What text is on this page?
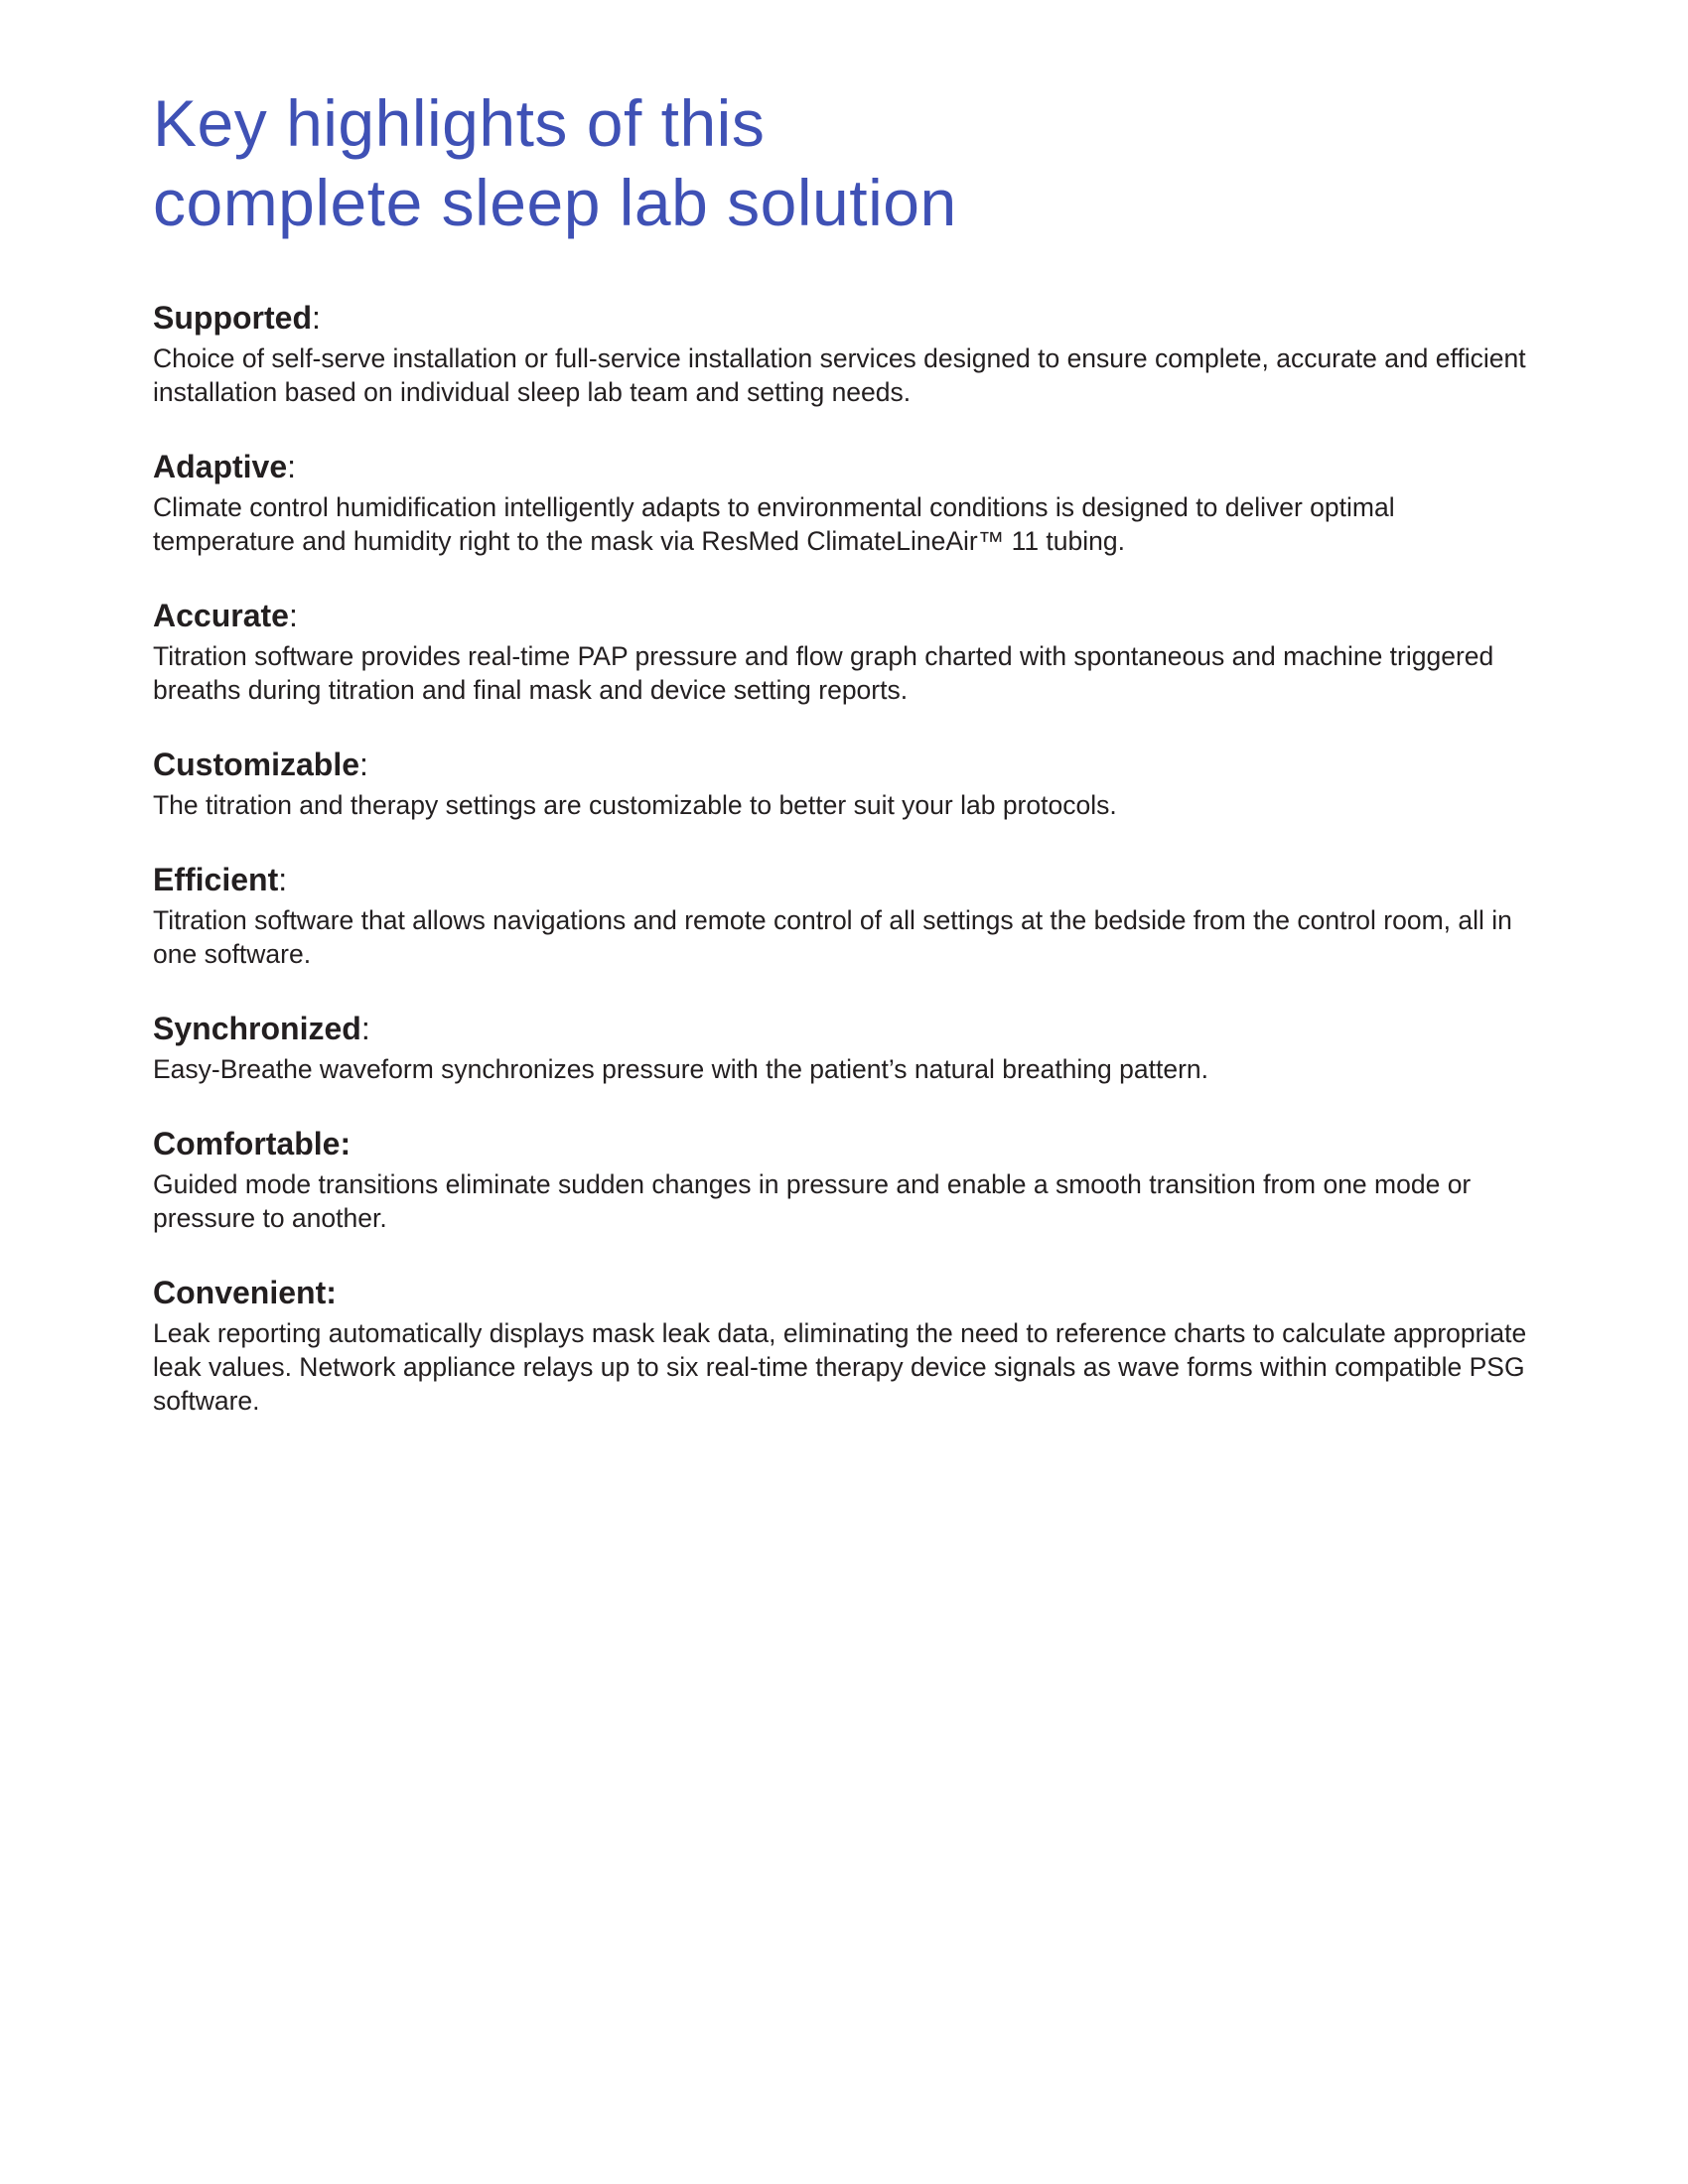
Key highlights of this
complete sleep lab solution
Supported:

Choice of self-serve installation or full-service installation services designed to ensure complete, accurate and efficient installation based on individual sleep lab team and setting needs.

Adaptive:

Climate control humidification intelligently adapts to environmental conditions is designed to deliver optimal temperature and humidity right to the mask via ResMed ClimateLineAir™ 11 tubing.

Accurate:

Titration software provides real-time PAP pressure and flow graph charted with spontaneous and machine triggered breaths during titration and final mask and device setting reports.

Customizable:

The titration and therapy settings are customizable to better suit your lab protocols.

Efficient:

Titration software that allows navigations and remote control of all settings at the bedside from the control room, all in one software.

Synchronized:

Easy-Breathe waveform synchronizes pressure with the patient’s natural breathing pattern.

Comfortable:

Guided mode transitions eliminate sudden changes in pressure and enable a smooth transition from one mode or pressure to another.

Convenient:

Leak reporting automatically displays mask leak data, eliminating the need to reference charts to calculate appropriate leak values. Network appliance relays up to six real-time therapy device signals as wave forms within compatible PSG software.
